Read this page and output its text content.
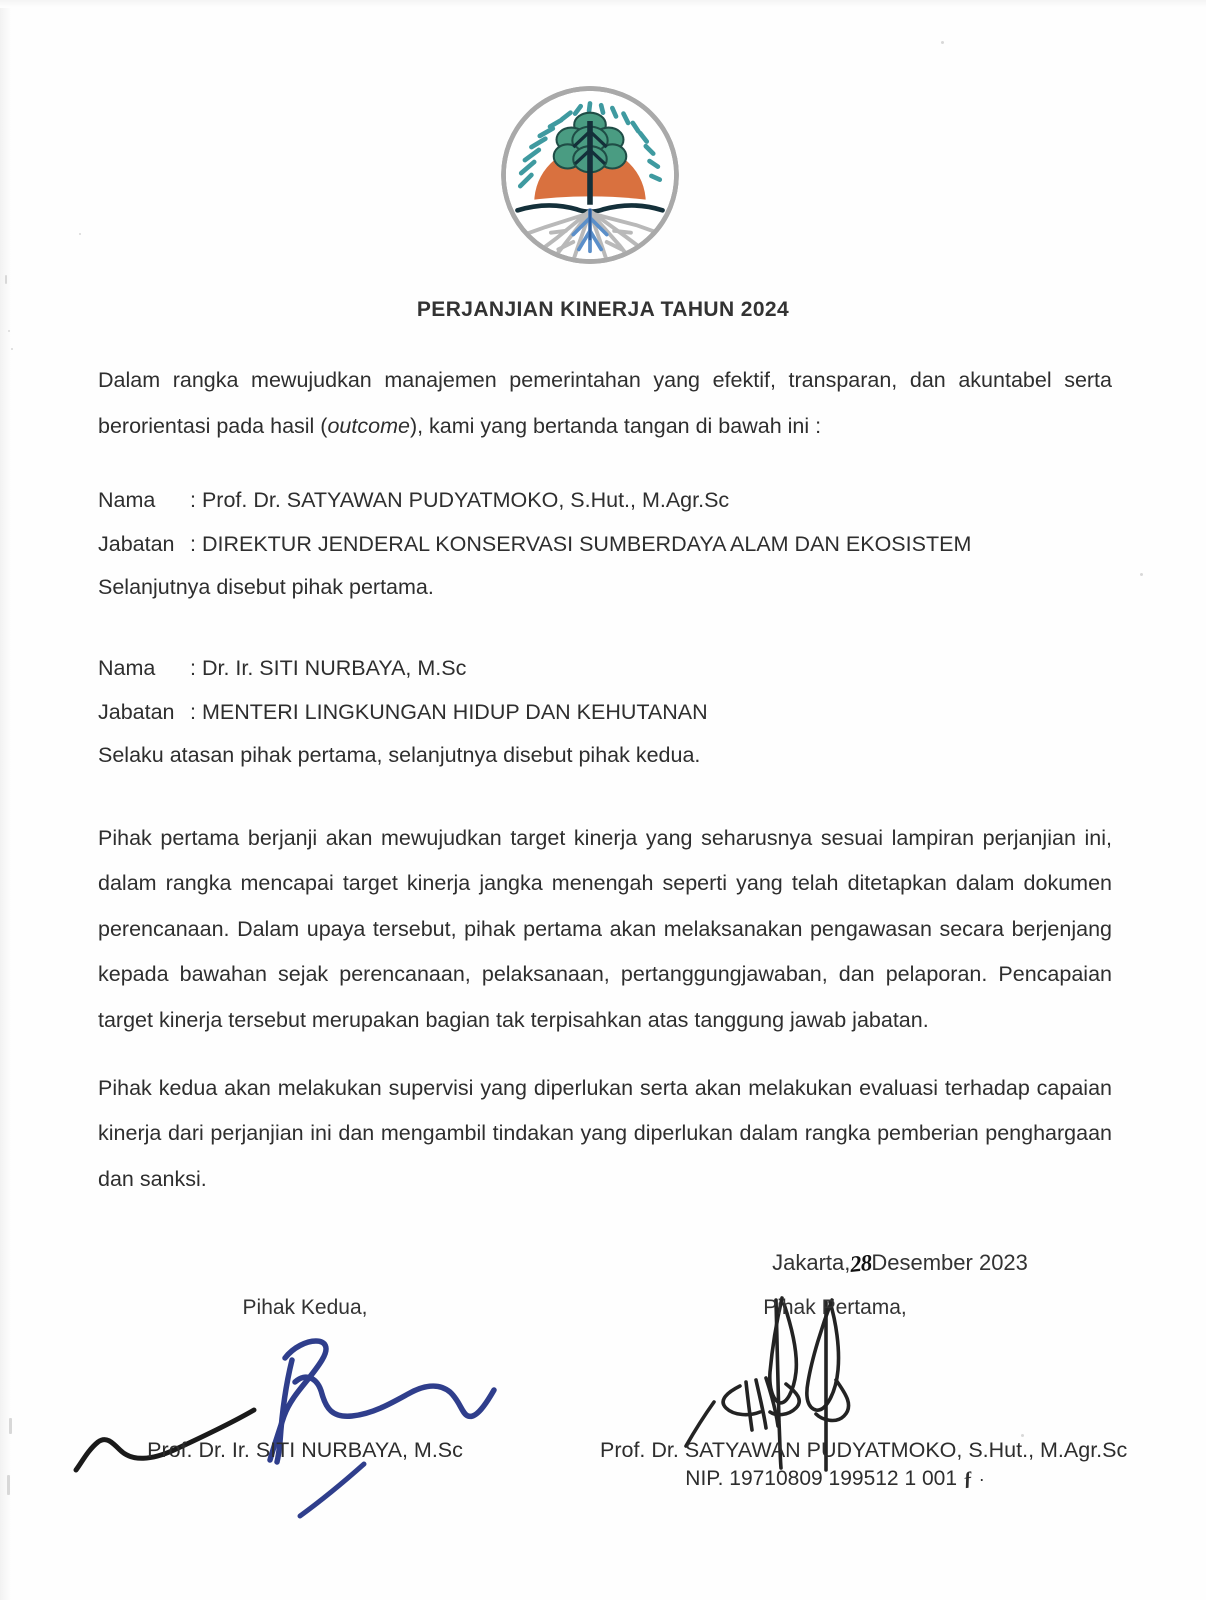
PERJANJIAN KINERJA TAHUN 2024

Dalam rangka mewujudkan manajemen pemerintahan yang efektif, transparan, dan akuntabel serta berorientasi pada hasil (outcome), kami yang bertanda tangan di bawah ini :

Nama : Prof. Dr. SATYAWAN PUDYATMOKO, S.Hut., M.Agr.Sc
Jabatan : DIREKTUR JENDERAL KONSERVASI SUMBERDAYA ALAM DAN EKOSISTEM
Selanjutnya disebut pihak pertama.
Nama : Dr. Ir. SITI NURBAYA, M.Sc
Jabatan : MENTERI LINGKUNGAN HIDUP DAN KEHUTANAN
Selaku atasan pihak pertama, selanjutnya disebut pihak kedua.

Pihak pertama berjanji akan mewujudkan target kinerja yang seharusnya sesuai lampiran perjanjian ini, dalam rangka mencapai target kinerja jangka menengah seperti yang telah ditetapkan dalam dokumen perencanaan. Dalam upaya tersebut, pihak pertama akan melaksanakan pengawasan secara berjenjang kepada bawahan sejak perencanaan, pelaksanaan, pertanggungjawaban, dan pelaporan. Pencapaian target kinerja tersebut merupakan bagian tak terpisahkan atas tanggung jawab jabatan.

Pihak kedua akan melakukan supervisi yang diperlukan serta akan melakukan evaluasi terhadap capaian kinerja dari perjanjian ini dan mengambil tindakan yang diperlukan dalam rangka pemberian penghargaan dan sanksi.

Jakarta,28Desember 2023
Pihak Kedua,
Prof. Dr. Ir. SITI NURBAYA, M.Sc
Pihak Pertama,
Prof. Dr. SATYAWAN PUDYATMOKO, S.Hut., M.Agr.Sc
NIP. 19710809 199512 1 001 ƒ ·
